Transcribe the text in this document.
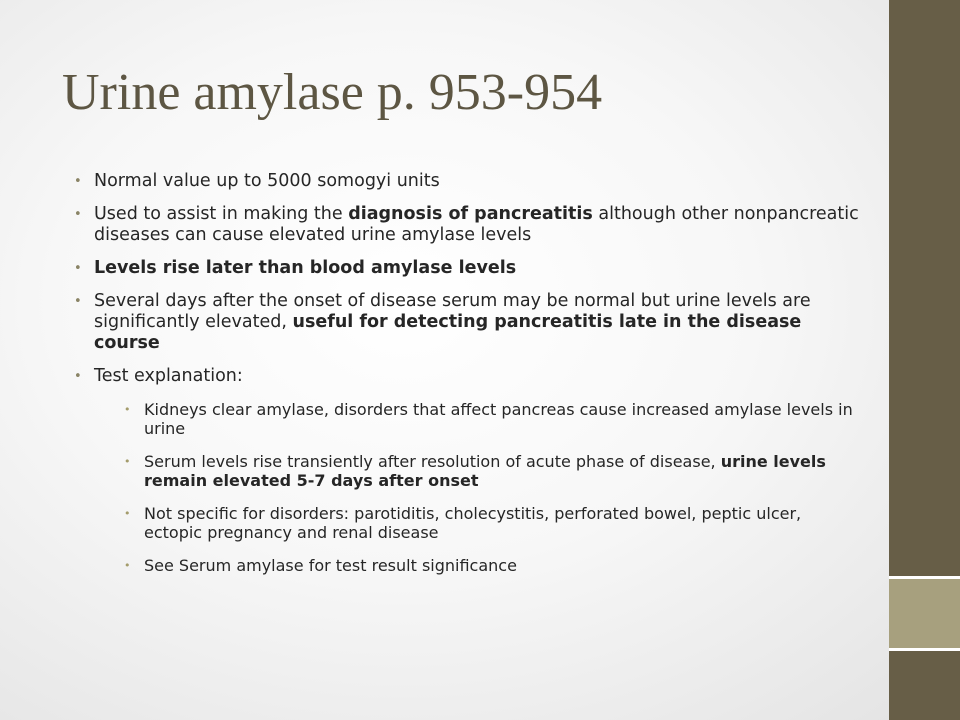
Urine amylase p. 953-954
• Normal value up to 5000 somogyi units
• Used to assist in making the diagnosis of pancreatitis although other nonpancreatic diseases can cause elevated urine amylase levels
• Levels rise later than blood amylase levels
• Several days after the onset of disease serum may be normal but urine levels are significantly elevated, useful for detecting pancreatitis late in the disease course
• Test explanation:
• Kidneys clear amylase, disorders that affect pancreas cause increased amylase levels in urine
• Serum levels rise transiently after resolution of acute phase of disease, urine levels remain elevated 5-7 days after onset
• Not specific for disorders: parotiditis, cholecystitis, perforated bowel, peptic ulcer, ectopic pregnancy and renal disease
• See Serum amylase for test result significance
